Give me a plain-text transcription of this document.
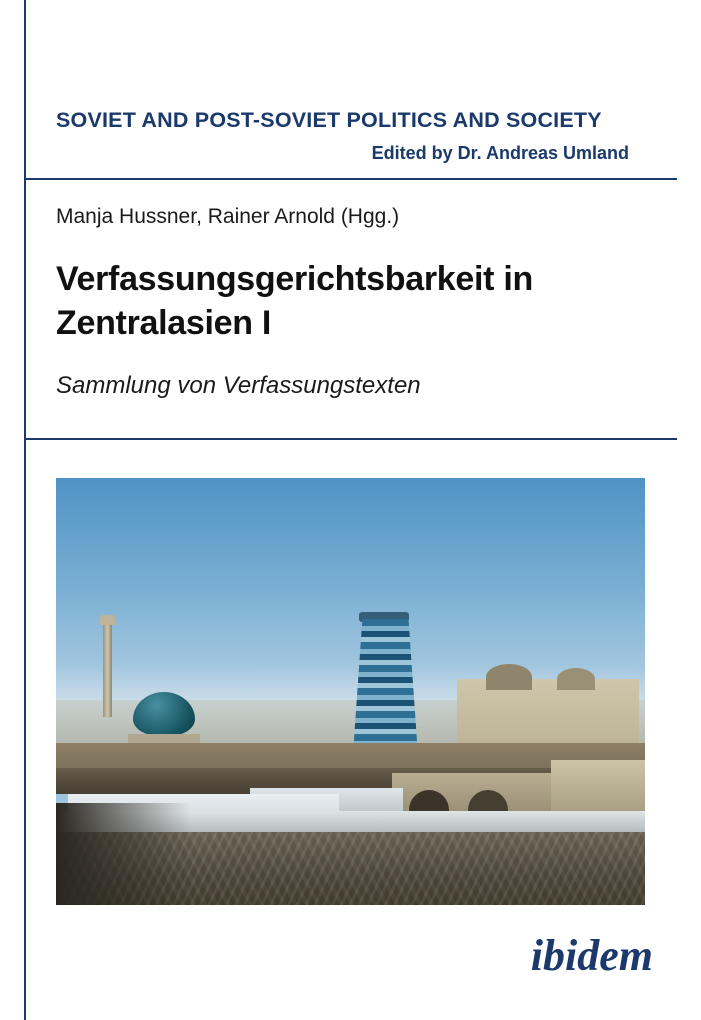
SOVIET AND POST-SOVIET POLITICS AND SOCIETY
Edited by Dr. Andreas Umland
Manja Hussner, Rainer Arnold (Hgg.)
Verfassungsgerichtsbarkeit in Zentralasien I
Sammlung von Verfassungstexten
ibidem
